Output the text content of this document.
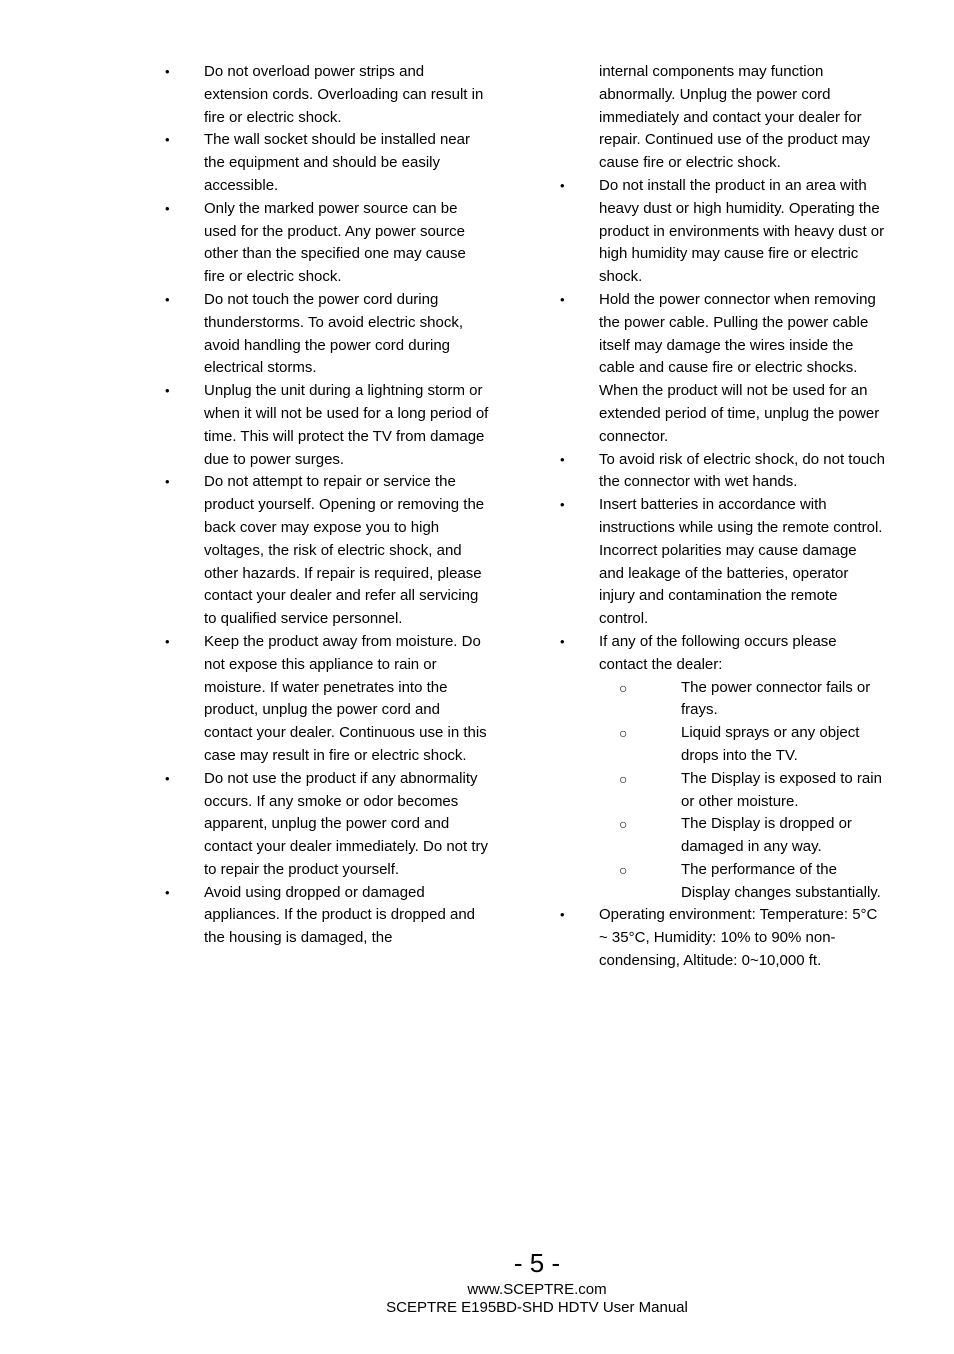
• Do not overload power strips and extension cords. Overloading can result in fire or electric shock.
• The wall socket should be installed near the equipment and should be easily accessible.
• Only the marked power source can be used for the product. Any power source other than the specified one may cause fire or electric shock.
• Do not touch the power cord during thunderstorms. To avoid electric shock, avoid handling the power cord during electrical storms.
• Unplug the unit during a lightning storm or when it will not be used for a long period of time. This will protect the TV from damage due to power surges.
• Do not attempt to repair or service the product yourself. Opening or removing the back cover may expose you to high voltages, the risk of electric shock, and other hazards. If repair is required, please contact your dealer and refer all servicing to qualified service personnel.
• Keep the product away from moisture. Do not expose this appliance to rain or moisture. If water penetrates into the product, unplug the power cord and contact your dealer. Continuous use in this case may result in fire or electric shock.
• Do not use the product if any abnormality occurs. If any smoke or odor becomes apparent, unplug the power cord and contact your dealer immediately. Do not try to repair the product yourself.
• Avoid using dropped or damaged appliances. If the product is dropped and the housing is damaged, the
internal components may function abnormally. Unplug the power cord immediately and contact your dealer for repair. Continued use of the product may cause fire or electric shock.
• Do not install the product in an area with heavy dust or high humidity. Operating the product in environments with heavy dust or high humidity may cause fire or electric shock.
• Hold the power connector when removing the power cable. Pulling the power cable itself may damage the wires inside the cable and cause fire or electric shocks. When the product will not be used for an extended period of time, unplug the power connector.
• To avoid risk of electric shock, do not touch the connector with wet hands.
• Insert batteries in accordance with instructions while using the remote control. Incorrect polarities may cause damage and leakage of the batteries, operator injury and contamination the remote control.
• If any of the following occurs please contact the dealer:
○	The power connector fails or frays.
○	Liquid sprays or any object drops into the TV.
○	The Display is exposed to rain or other moisture.
○	The Display is dropped or damaged in any way.
○	The performance of the Display changes substantially.
• Operating environment: Temperature: 5°C ~ 35°C, Humidity: 10% to 90% non-condensing, Altitude: 0~10,000 ft.
- 5 -
www.SCEPTRE.com
SCEPTRE E195BD-SHD HDTV User Manual
